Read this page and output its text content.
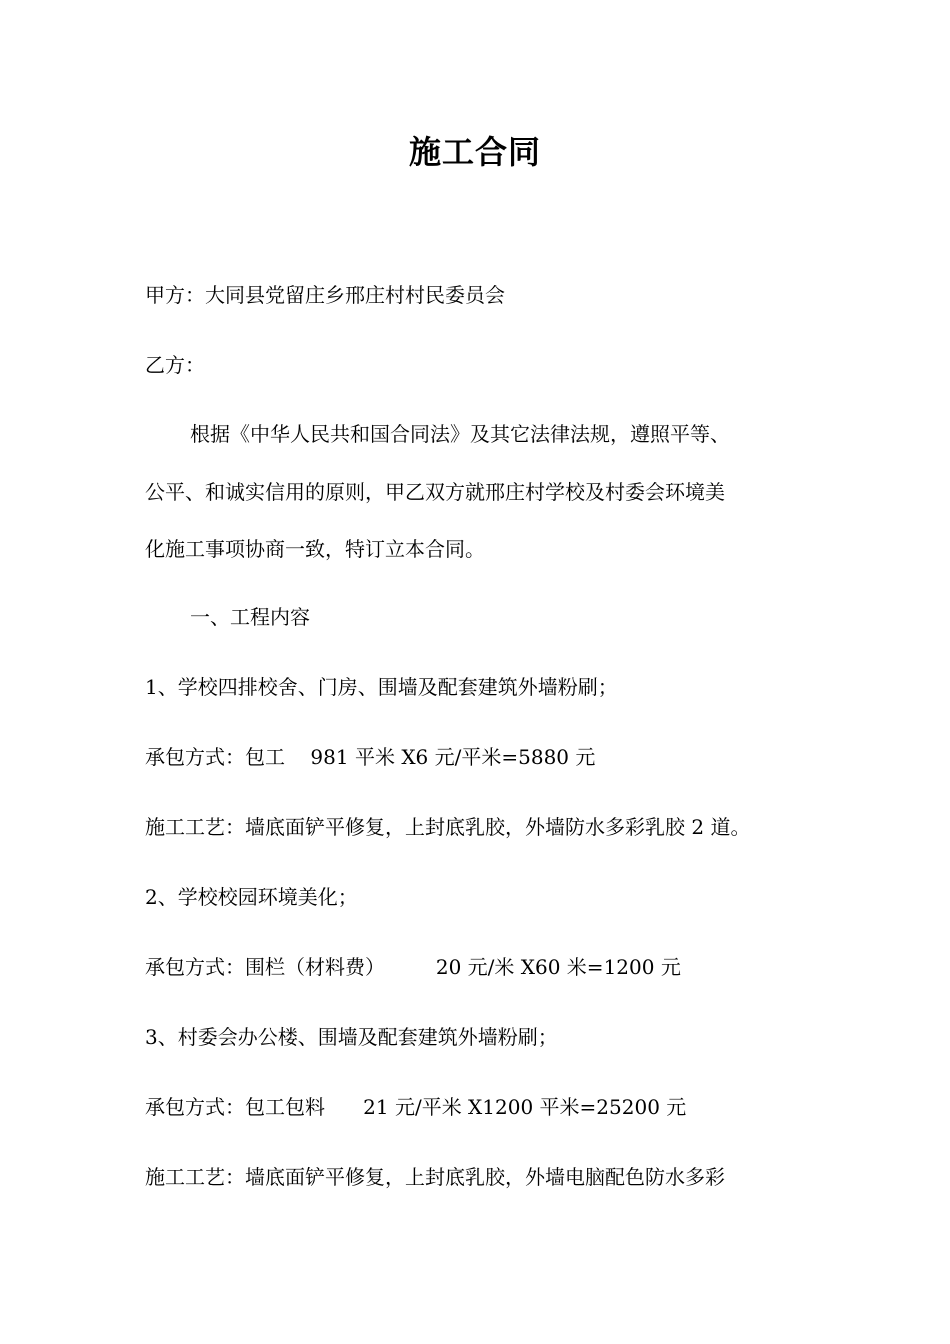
施工合同
甲方：大同县党留庄乡邢庄村村民委员会
乙方：
根据《中华人民共和国合同法》及其它法律法规，遵照平等、
公平、和诚实信用的原则，甲乙双方就邢庄村学校及村委会环境美
化施工事项协商一致，特订立本合同。
一、工程内容
1、学校四排校舍、门房、围墙及配套建筑外墙粉刷；
承包方式：包工    981 平米 X6 元/平米=5880 元
施工工艺：墙底面铲平修复，上封底乳胶，外墙防水多彩乳胶 2 道。
2、学校校园环境美化；
承包方式：围栏（材料费）        20 元/米 X60 米=1200 元
3、村委会办公楼、围墙及配套建筑外墙粉刷；
承包方式：包工包料      21 元/平米 X1200 平米=25200 元
施工工艺：墙底面铲平修复，上封底乳胶，外墙电脑配色防水多彩
